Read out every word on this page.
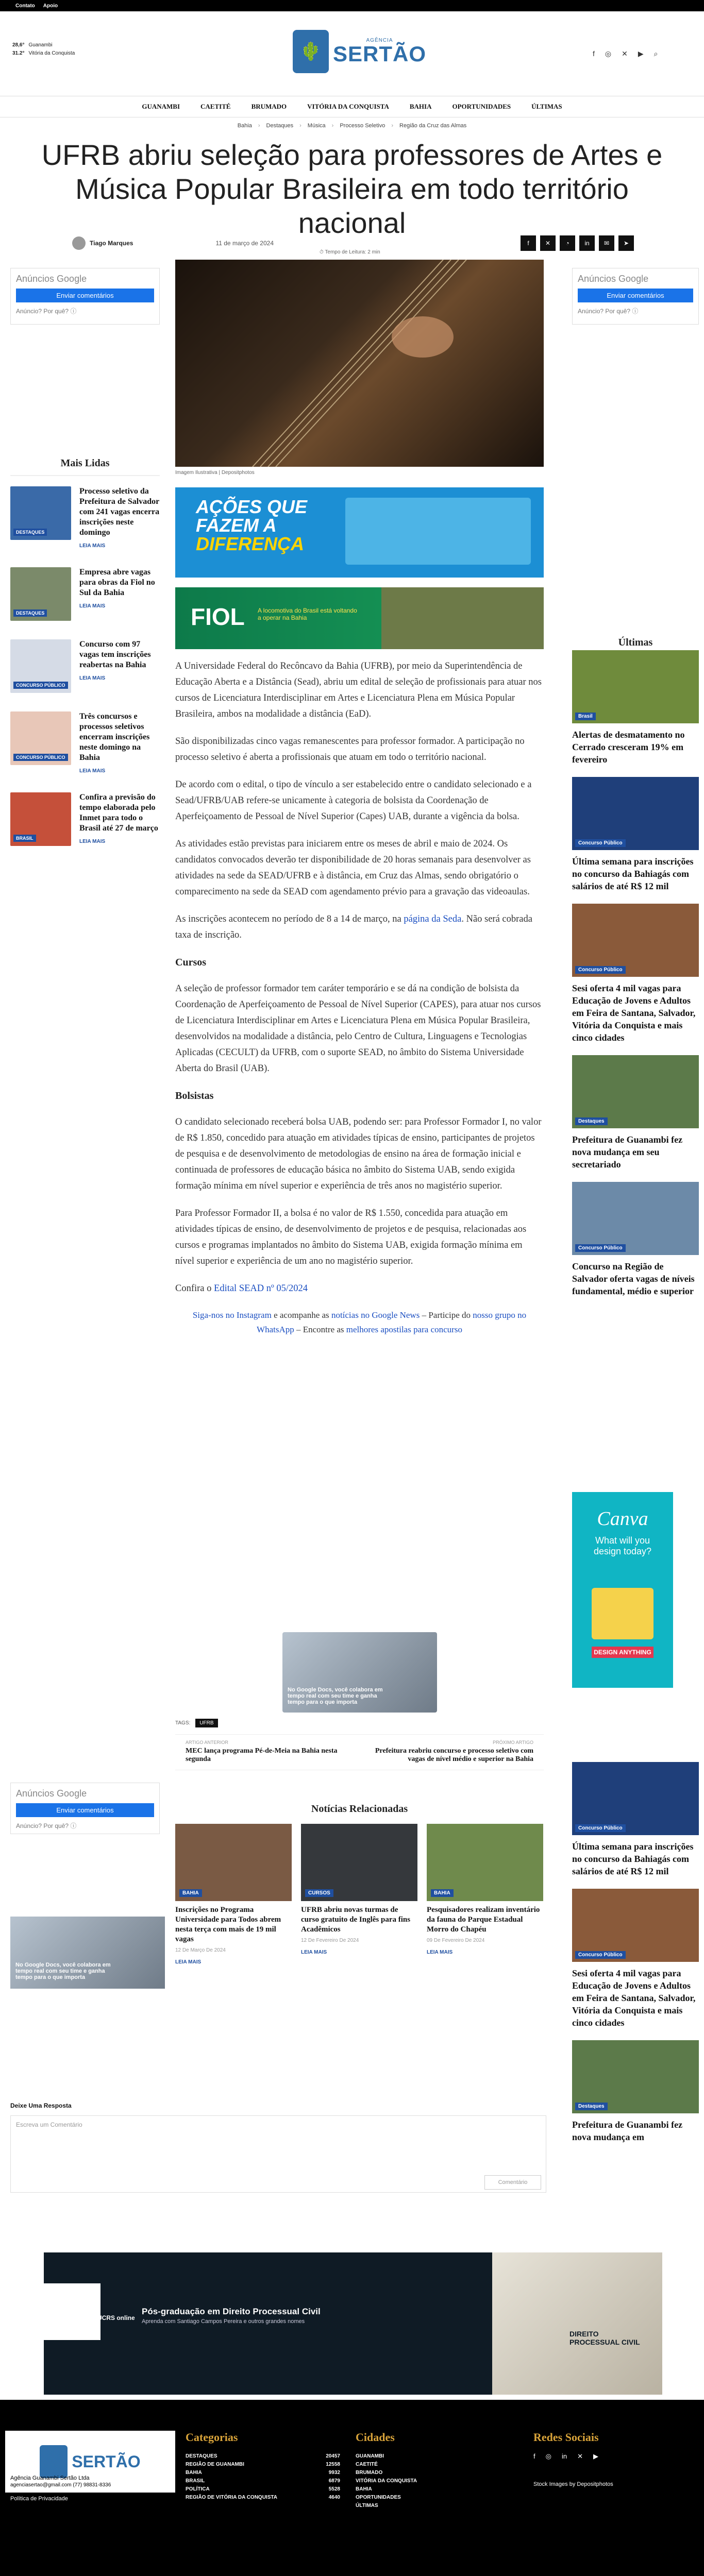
Contato Apoio
28,6° Guanambi
31.2° Vitória da Conquista	🌵
AGÊNCIA
SERTÃO	f ◎ ✕ ▶ ⌕
GUANAMBI	CAETITÉ	BRUMADO	VITÓRIA DA CONQUISTA	BAHIA	OPORTUNIDADES	ÚLTIMAS
Bahia › Destaques › Música › Processo Seletivo › Região da Cruz das Almas
UFRB abriu seleção para professores de Artes e Música Popular Brasileira em todo território nacional
Tiago Marques	11 de março de 2024	f	✕	◔	in	✉	➤
⏱ Tempo de Leitura: 2 min
Anúncios Google
Enviar comentários
Anúncio? Por quê? ⓘ
Anúncios Google
Enviar comentários
Anúncio? Por quê? ⓘ
Imagem Ilustrativa | Depositphotos
AÇÕES QUE
FAZEM A
DIFERENÇA
FIOL A locomotiva do Brasil está voltando a operar na Bahia
Mais Lidas
DESTAQUES
Processo seletivo da Prefeitura de Salvador com 241 vagas encerra inscrições neste domingo
LEIA MAIS
DESTAQUES
Empresa abre vagas para obras da Fiol no Sul da Bahia
LEIA MAIS
CONCURSO PÚBLICO
Concurso com 97 vagas tem inscrições reabertas na Bahia
LEIA MAIS
CONCURSO PÚBLICO
Três concursos e processos seletivos encerram inscrições neste domingo na Bahia
LEIA MAIS
BRASIL
Confira a previsão do tempo elaborada pelo Inmet para todo o Brasil até 27 de março
LEIA MAIS

A Universidade Federal do Recôncavo da Bahia (UFRB), por meio da Superintendência de Educação Aberta e a Distância (Sead), abriu um edital de seleção de profissionais para atuar nos cursos de Licenciatura Interdisciplinar em Artes e Licenciatura Plena em Música Popular Brasileira, ambos na modalidade a distância (EaD).

São disponibilizadas cinco vagas remanescentes para professor formador. A participação no processo seletivo é aberta a profissionais que atuam em todo o território nacional.

De acordo com o edital, o tipo de vínculo a ser estabelecido entre o candidato selecionado e a Sead/UFRB/UAB refere-se unicamente à categoria de bolsista da Coordenação de Aperfeiçoamento de Pessoal de Nível Superior (Capes) UAB, durante a vigência da bolsa.

As atividades estão previstas para iniciarem entre os meses de abril e maio de 2024. Os candidatos convocados deverão ter disponibilidade de 20 horas semanais para desenvolver as atividades na sede da SEAD/UFRB e à distância, em Cruz das Almas, sendo obrigatório o comparecimento na sede da SEAD com agendamento prévio para a gravação das videoaulas.

As inscrições acontecem no período de 8 a 14 de março, na página da Seda. Não será cobrada taxa de inscrição.

Cursos

A seleção de professor formador tem caráter temporário e se dá na condição de bolsista da Coordenação de Aperfeiçoamento de Pessoal de Nível Superior (CAPES), para atuar nos cursos de Licenciatura Interdisciplinar em Artes e Licenciatura Plena em Música Popular Brasileira, desenvolvidos na modalidade a distância, pelo Centro de Cultura, Linguagens e Tecnologias Aplicadas (CECULT) da UFRB, com o suporte SEAD, no âmbito do Sistema Universidade Aberta do Brasil (UAB).

Bolsistas

O candidato selecionado receberá bolsa UAB, podendo ser: para Professor Formador I, no valor de R$ 1.850, concedido para atuação em atividades típicas de ensino, participantes de projetos de pesquisa e de desenvolvimento de metodologias de ensino na área de formação inicial e continuada de professores de educação básica no âmbito do Sistema UAB, sendo exigida formação mínima em nível superior e experiência de três anos no magistério superior.

Para Professor Formador II, a bolsa é no valor de R$ 1.550, concedida para atuação em atividades típicas de ensino, de desenvolvimento de projetos e de pesquisa, relacionadas aos cursos e programas implantados no âmbito do Sistema UAB, exigida formação mínima em nível superior e experiência de um ano no magistério superior.

Confira o Edital SEAD nº 05/2024

Siga-nos no Instagram e acompanhe as notícias no Google News – Participe do nosso grupo no WhatsApp – Encontre as melhores apostilas para concurso

No Google Docs, você colabora em tempo real com seu time e ganha tempo para o que importa
TAGS:	UFRB
ARTIGO ANTERIOR
MEC lança programa Pé-de-Meia na Bahia nesta segunda
PRÓXIMO ARTIGO
Prefeitura reabriu concurso e processo seletivo com vagas de nível médio e superior na Bahia
Anúncios Google
Enviar comentários
Anúncio? Por quê? ⓘ
No Google Docs, você colabora em tempo real com seu time e ganha tempo para o que importa
Notícias Relacionadas
BAHIA
Inscrições no Programa Universidade para Todos abrem nesta terça com mais de 19 mil vagas
12 De Março De 2024
LEIA MAIS
CURSOS
UFRB abriu novas turmas de curso gratuito de Inglês para fins Acadêmicos
12 De Fevereiro De 2024
LEIA MAIS
BAHIA
Pesquisadores realizam inventário da fauna do Parque Estadual Morro do Chapéu
09 De Fevereiro De 2024
LEIA MAIS
Deixe Uma Resposta
Escreva um Comentário
Comentário
Últimas
Brasil
Alertas de desmatamento no Cerrado cresceram 19% em fevereiro
Concurso Público
Última semana para inscrições no concurso da Bahiagás com salários de até R$ 12 mil
Concurso Público
Sesi oferta 4 mil vagas para Educação de Jovens e Adultos em Feira de Santana, Salvador, Vitória da Conquista e mais cinco cidades
Destaques
Prefeitura de Guanambi fez nova mudança em seu secretariado
Concurso Público
Concurso na Região de Salvador oferta vagas de níveis fundamental, médio e superior
Canva
What will you
design today?
DESIGN ANYTHING
Concurso Público
Última semana para inscrições no concurso da Bahiagás com salários de até R$ 12 mil
Concurso Público
Sesi oferta 4 mil vagas para Educação de Jovens e Adultos em Feira de Santana, Salvador, Vitória da Conquista e mais cinco cidades
Destaques
Prefeitura de Guanambi fez nova mudança em
PUCRS online
Pós-graduação em Direito Processual Civil
Aprenda com Santiago Campos Pereira e outros grandes nomes
DIREITO PROCESSUAL CIVIL
SERTÃO
Agência Guanambi Sertão Ltda
agenciasertao@gmail.com (77) 98831-8336
Política de Privacidade
Categorias
DESTAQUES	20457
REGIÃO DE GUANAMBI	12558
BAHIA	9932
BRASIL	6879
POLÍTICA	5528
REGIÃO DE VITÓRIA DA CONQUISTA	4640
Cidades
GUANAMBI
CAETITÉ
BRUMADO
VITÓRIA DA CONQUISTA
BAHIA
OPORTUNIDADES
ÚLTIMAS
Redes Sociais
f ◎ in ✕ ▶
Stock Images by Depositphotos
